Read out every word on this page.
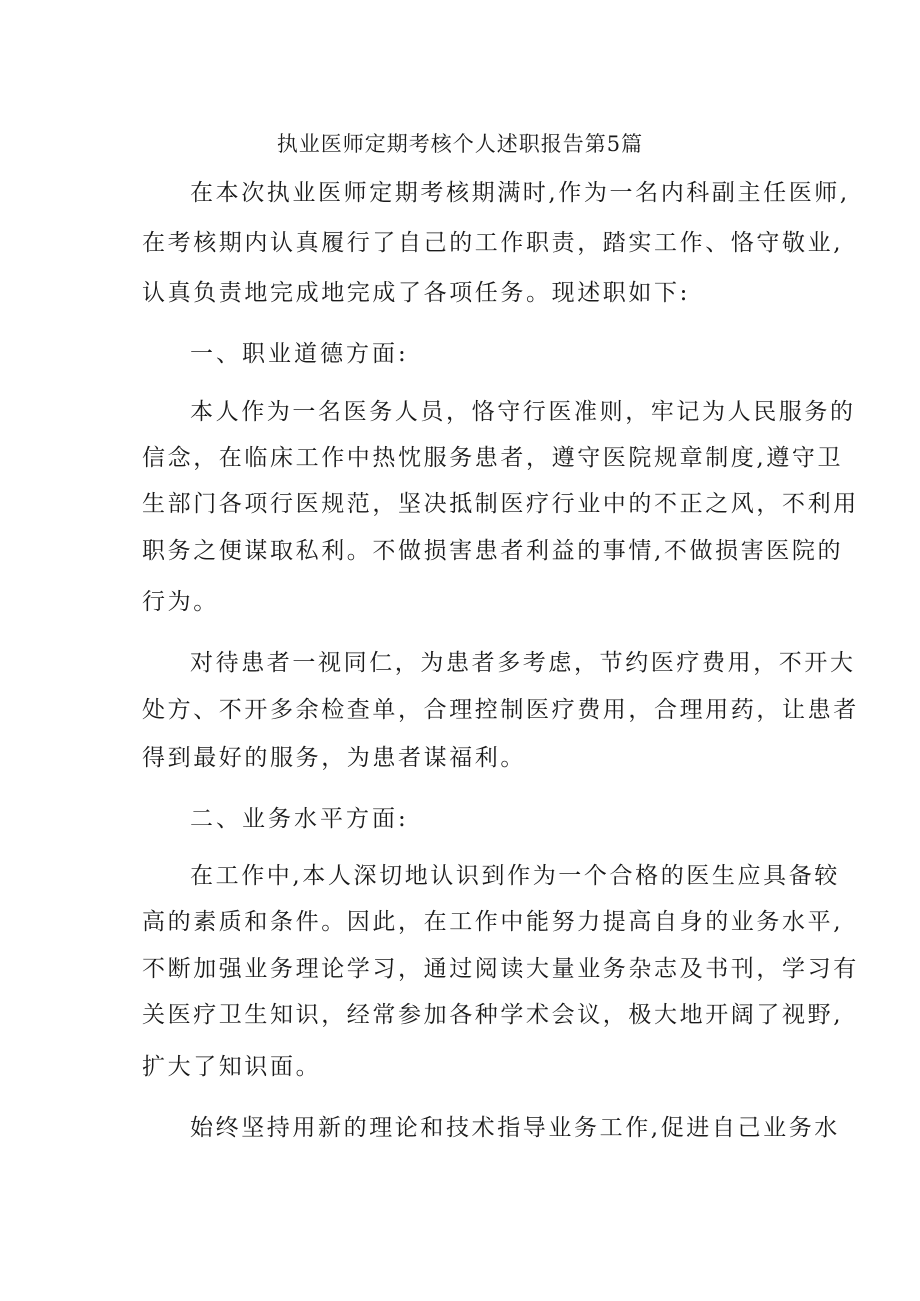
执业医师定期考核个人述职报告第5篇
在本次执业医师定期考核期满时,作为一名内科副主任医师,
在考核期内认真履行了自己的工作职责，踏实工作、恪守敬业,
认真负责地完成地完成了各项任务。现述职如下:
一、职业道德方面:
本人作为一名医务人员，恪守行医准则，牢记为人民服务的
信念，在临床工作中热忱服务患者，遵守医院规章制度,遵守卫
生部门各项行医规范，坚决抵制医疗行业中的不正之风，不利用
职务之便谋取私利。不做损害患者利益的事情,不做损害医院的
行为。
对待患者一视同仁，为患者多考虑，节约医疗费用，不开大
处方、不开多余检查单，合理控制医疗费用，合理用药，让患者
得到最好的服务，为患者谋福利。
二、业务水平方面:
在工作中,本人深切地认识到作为一个合格的医生应具备较
高的素质和条件。因此，在工作中能努力提高自身的业务水平,
不断加强业务理论学习，通过阅读大量业务杂志及书刊，学习有
关医疗卫生知识，经常参加各种学术会议，极大地开阔了视野,
扩大了知识面。
始终坚持用新的理论和技术指导业务工作,促进自己业务水
